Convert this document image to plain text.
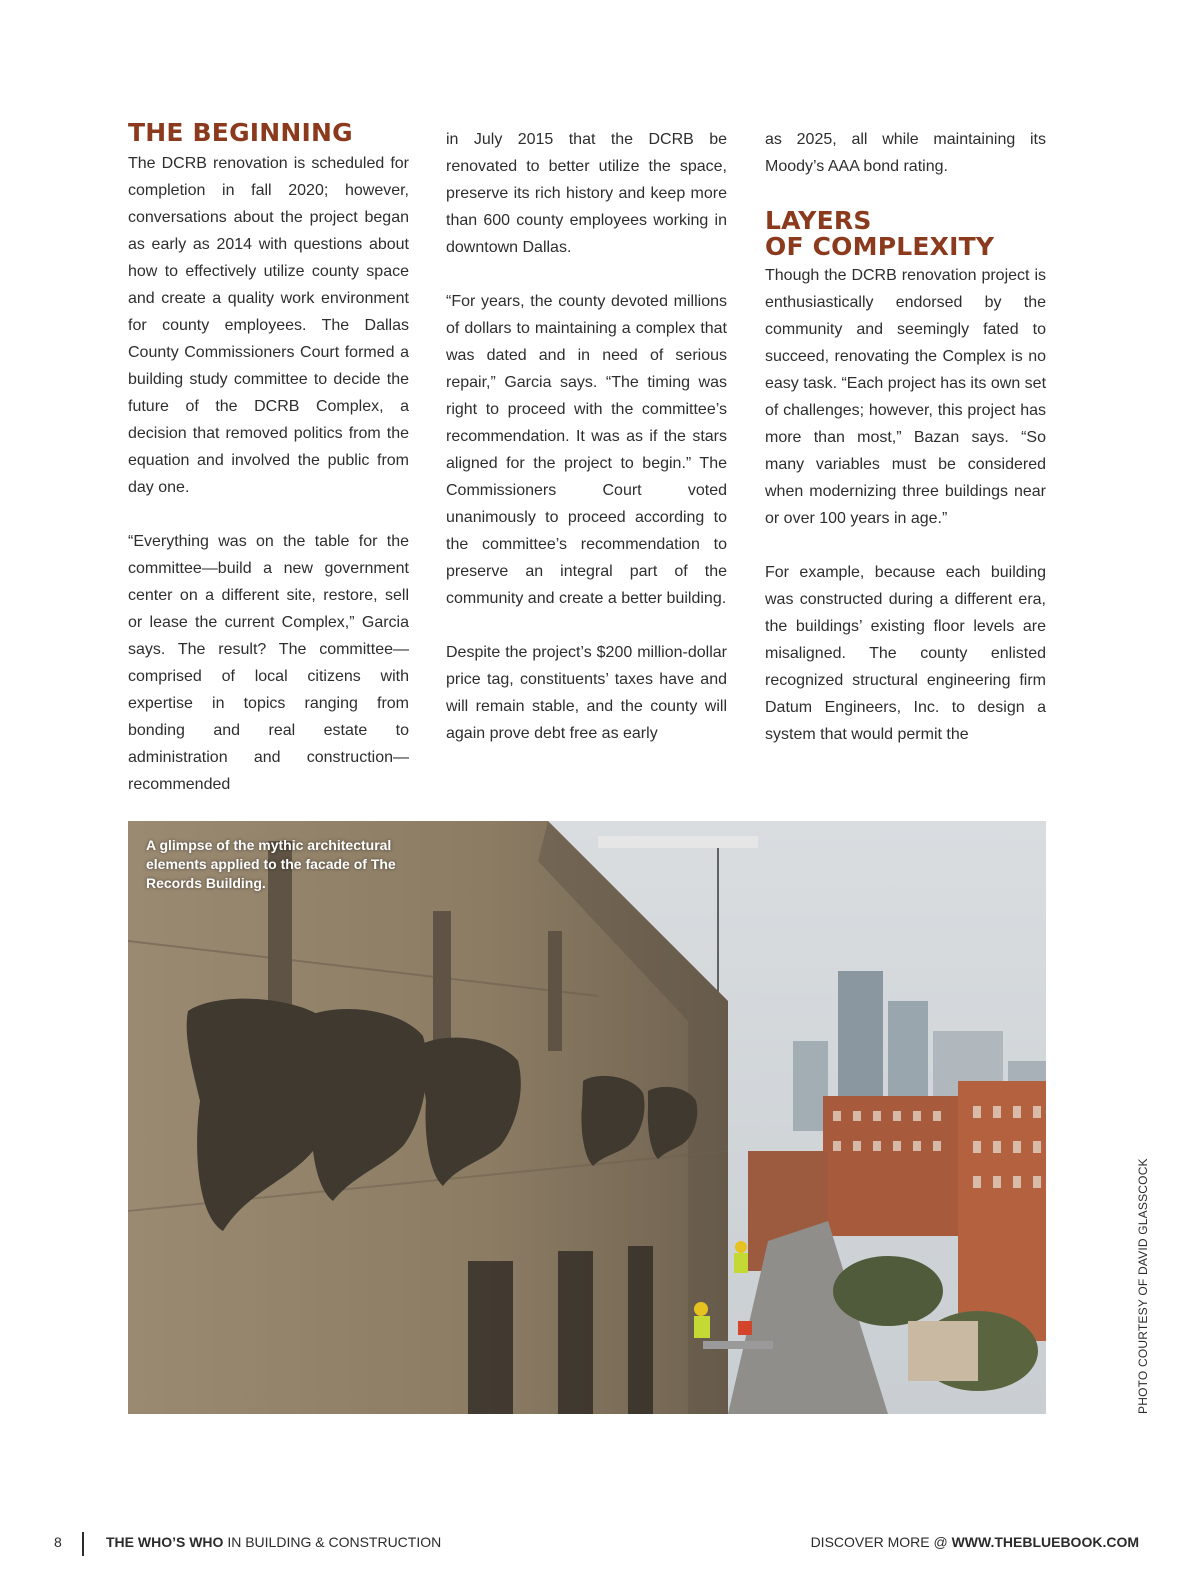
THE BEGINNING

The DCRB renovation is scheduled for completion in fall 2020; however, conversations about the project began as early as 2014 with questions about how to effectively utilize county space and create a quality work environment for county employees. The Dallas County Commissioners Court formed a building study committee to decide the future of the DCRB Complex, a decision that removed politics from the equation and involved the public from day one.

“Everything was on the table for the committee—build a new government center on a different site, restore, sell or lease the current Complex,” Garcia says. The result? The committee—comprised of local citizens with expertise in topics ranging from bonding and real estate to administration and construction—recommended

in July 2015 that the DCRB be renovated to better utilize the space, preserve its rich history and keep more than 600 county employees working in downtown Dallas.

“For years, the county devoted millions of dollars to maintaining a complex that was dated and in need of serious repair,” Garcia says. “The timing was right to proceed with the committee’s recommendation. It was as if the stars aligned for the project to begin.” The Commissioners Court voted unanimously to proceed according to the committee’s recommendation to preserve an integral part of the community and create a better building.

Despite the project’s $200 million-dollar price tag, constituents’ taxes have and will remain stable, and the county will again prove debt free as early

as 2025, all while maintaining its Moody’s AAA bond rating.

LAYERS
OF COMPLEXITY

Though the DCRB renovation project is enthusiastically endorsed by the community and seemingly fated to succeed, renovating the Complex is no easy task. “Each project has its own set of challenges; however, this project has more than most,” Bazan says. “So many variables must be considered when modernizing three buildings near or over 100 years in age.”

For example, because each building was constructed during a different era, the buildings’ existing floor levels are misaligned. The county enlisted recognized structural engineering firm Datum Engineers, Inc. to design a system that would permit the

A glimpse of the mythic architectural elements applied to the facade of The Records Building.
PHOTO COURTESY OF DAVID GLASSCOCK
8	THE WHO’S WHO IN BUILDING & CONSTRUCTION	DISCOVER MORE @ WWW.THEBLUEBOOK.COM
